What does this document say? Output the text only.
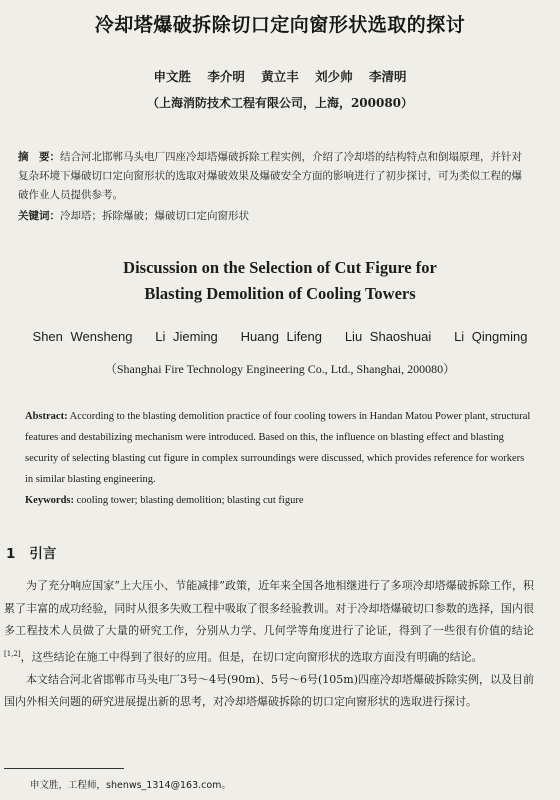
冷却塔爆破拆除切口定向窗形状选取的探讨
申文胜 李介明 黄立丰 刘少帅 李清明
（上海消防技术工程有限公司，上海，200080）
摘　要：结合河北邯郸马头电厂四座冷却塔爆破拆除工程实例，介绍了冷却塔的结构特点和倒塌原理，并针对复杂环境下爆破切口定向窗形状的选取对爆破效果及爆破安全方面的影响进行了初步探讨，可为类似工程的爆破作业人员提供参考。
关键词：冷却塔；拆除爆破；爆破切口定向窗形状
Discussion on the Selection of Cut Figure for
Blasting Demolition of Cooling Towers
Shen Wensheng Li Jieming Huang Lifeng Liu Shaoshuai Li Qingming
（Shanghai Fire Technology Engineering Co., Ltd., Shanghai, 200080）
Abstract: According to the blasting demolition practice of four cooling towers in Handan Matou Power plant, structural features and destabilizing mechanism were introduced. Based on this, the influence on blasting effect and blasting security of selecting blasting cut figure in complex surroundings were discussed, which provides reference for workers in similar blasting engineering.
Keywords: cooling tower; blasting demolition; blasting cut figure
1 引言

为了充分响应国家“上大压小、节能减排”政策，近年来全国各地相继进行了多项冷却塔爆破拆除工作，积累了丰富的成功经验，同时从很多失败工程中吸取了很多经验教训。对于冷却塔爆破切口参数的选择，国内很多工程技术人员做了大量的研究工作，分别从力学、几何学等角度进行了论证，得到了一些很有价值的结论[1,2]，这些结论在施工中得到了很好的应用。但是，在切口定向窗形状的选取方面没有明确的结论。

本文结合河北省邯郸市马头电厂3号～4号(90m)、5号～6号(105m)四座冷却塔爆破拆除实例，以及目前国内外相关问题的研究进展提出新的思考，对冷却塔爆破拆除的切口定向窗形状的选取进行探讨。

申文胜，工程师，shenws_1314@163.com。
